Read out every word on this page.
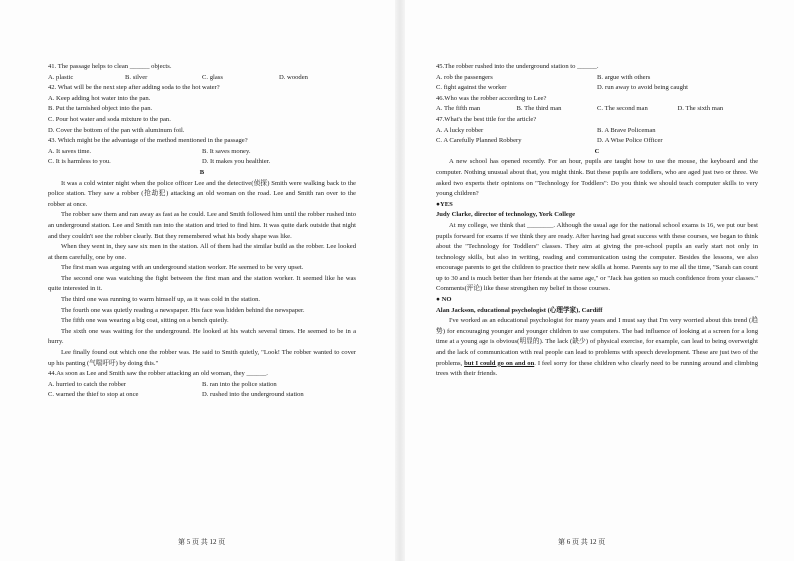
41. The passage helps to clean ______ objects.
A. plastic	B. silver	C. glass	D. wooden
42. What will be the next step after adding soda to the hot water?
A. Keep adding hot water into the pan.
B. Put the tarnished object into the pan.
C. Pour hot water and soda mixture to the pan.
D. Cover the bottom of the pan with aluminum foil.
43. Which might be the advantage of the method mentioned in the passage?
A. It saves time.	B. It saves money.
C. It is harmless to you.	D. It makes you healthier.
B
It was a cold winter night when the police officer Lee and the detective(侦探) Smith were walking back to the police station. They saw a robber (抢劫犯) attacking an old woman on the road. Lee and Smith ran over to the robber at once.
The robber saw them and ran away as fast as he could. Lee and Smith followed him until the robber rushed into an underground station. Lee and Smith ran into the station and tried to find him. It was quite dark outside that night and they couldn't see the robber clearly. But they remembered what his body shape was like.
When they went in, they saw six men in the station. All of them had the similar build as the robber. Lee looked at them carefully, one by one.
The first man was arguing with an underground station worker. He seemed to be very upset.
The second one was watching the fight between the first man and the station worker. It seemed like he was quite interested in it.
The third one was running to warm himself up, as it was cold in the station.
The fourth one was quietly reading a newspaper. His face was hidden behind the newspaper.
The fifth one was wearing a big coat, sitting on a bench quietly.
The sixth one was waiting for the underground. He looked at his watch several times. He seemed to be in a hurry.
Lee finally found out which one the robber was. He said to Smith quietly, "Look! The robber wanted to cover up his panting (气喘吁吁) by doing this."
44.As soon as Lee and Smith saw the robber attacking an old woman, they ______.
A. hurried to catch the robber	B. ran into the police station
C. warned the thief to stop at once	D. rushed into the underground station
第 5 页 共 12 页
45.The robber rushed into the underground station to ______.
A. rob the passengers	B. argue with others
C. fight against the worker	D. run away to avoid being caught
46.Who was the robber according to Lee?
A. The fifth man	B. The third man	C. The second man	D. The sixth man
47.What's the best title for the article?
A. A lucky robber	B. A Brave Policeman
C. A Carefully Planned Robbery	D. A Wise Police Officer
C
A new school has opened recently. For an hour, pupils are taught how to use the mouse, the keyboard and the computer. Nothing unusual about that, you might think. But these pupils are toddlers, who are aged just two or three. We asked two experts their opinions on "Technology for Toddlers": Do you think we should teach computer skills to very young children?
●YES
Judy Clarke, director of technology, York College
At my college, we think that ________. Although the usual age for the national school exams is 16, we put our best pupils forward for exams if we think they are ready. After having had great success with these courses, we began to think about the "Technology for Toddlers" classes. They aim at giving the pre-school pupils an early start not only in technology skills, but also in writing, reading and communication using the computer. Besides the lessons, we also encourage parents to get the children to practice their new skills at home. Parents say to me all the time, "Sarah can count up to 30 and is much better than her friends at the same age," or "Jack has gotten so much confidence from your classes." Comments(评论) like these strengthen my belief in those courses.
● NO
Alan Jackson, educational psychologist (心理学家), Cardiff
I've worked as an educational psychologist for many years and I must say that I'm very worried about this trend (趋势) for encouraging younger and younger children to use computers. The bad influence of looking at a screen for a long time at a young age is obvious(明显的). The lack (缺少) of physical exercise, for example, can lead to being overweight and the lack of communication with real people can lead to problems with speech development. These are just two of the problems, but I could go on and on. I feel sorry for these children who clearly need to be running around and climbing trees with their friends.
第 6 页 共 12 页
